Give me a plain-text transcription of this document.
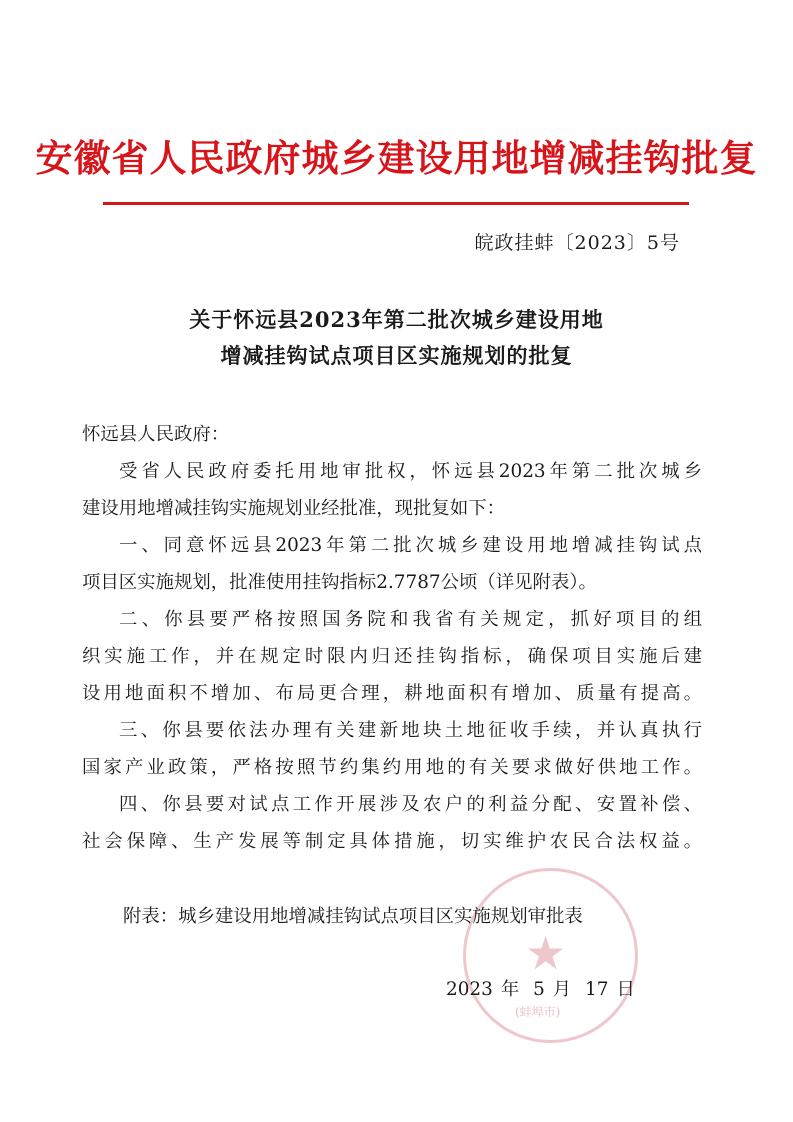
安徽省人民政府城乡建设用地增减挂钩批复
皖政挂蚌〔2023〕5号
关于怀远县2023年第二批次城乡建设用地
增减挂钩试点项目区实施规划的批复
★
(蚌埠市)
怀远县人民政府：
受省人民政府委托用地审批权，怀远县2023年第二批次城乡
建设用地增减挂钩实施规划业经批准，现批复如下：
一、同意怀远县2023年第二批次城乡建设用地增减挂钩试点
项目区实施规划，批准使用挂钩指标2.7787公顷（详见附表）。
二、你县要严格按照国务院和我省有关规定，抓好项目的组
织实施工作，并在规定时限内归还挂钩指标，确保项目实施后建
设用地面积不增加、布局更合理，耕地面积有增加、质量有提高。
三、你县要依法办理有关建新地块土地征收手续，并认真执行
国家产业政策，严格按照节约集约用地的有关要求做好供地工作。
四、你县要对试点工作开展涉及农户的利益分配、安置补偿、
社会保障、生产发展等制定具体措施，切实维护农民合法权益。
附表：城乡建设用地增减挂钩试点项目区实施规划审批表
2023 年 5 月 17 日
